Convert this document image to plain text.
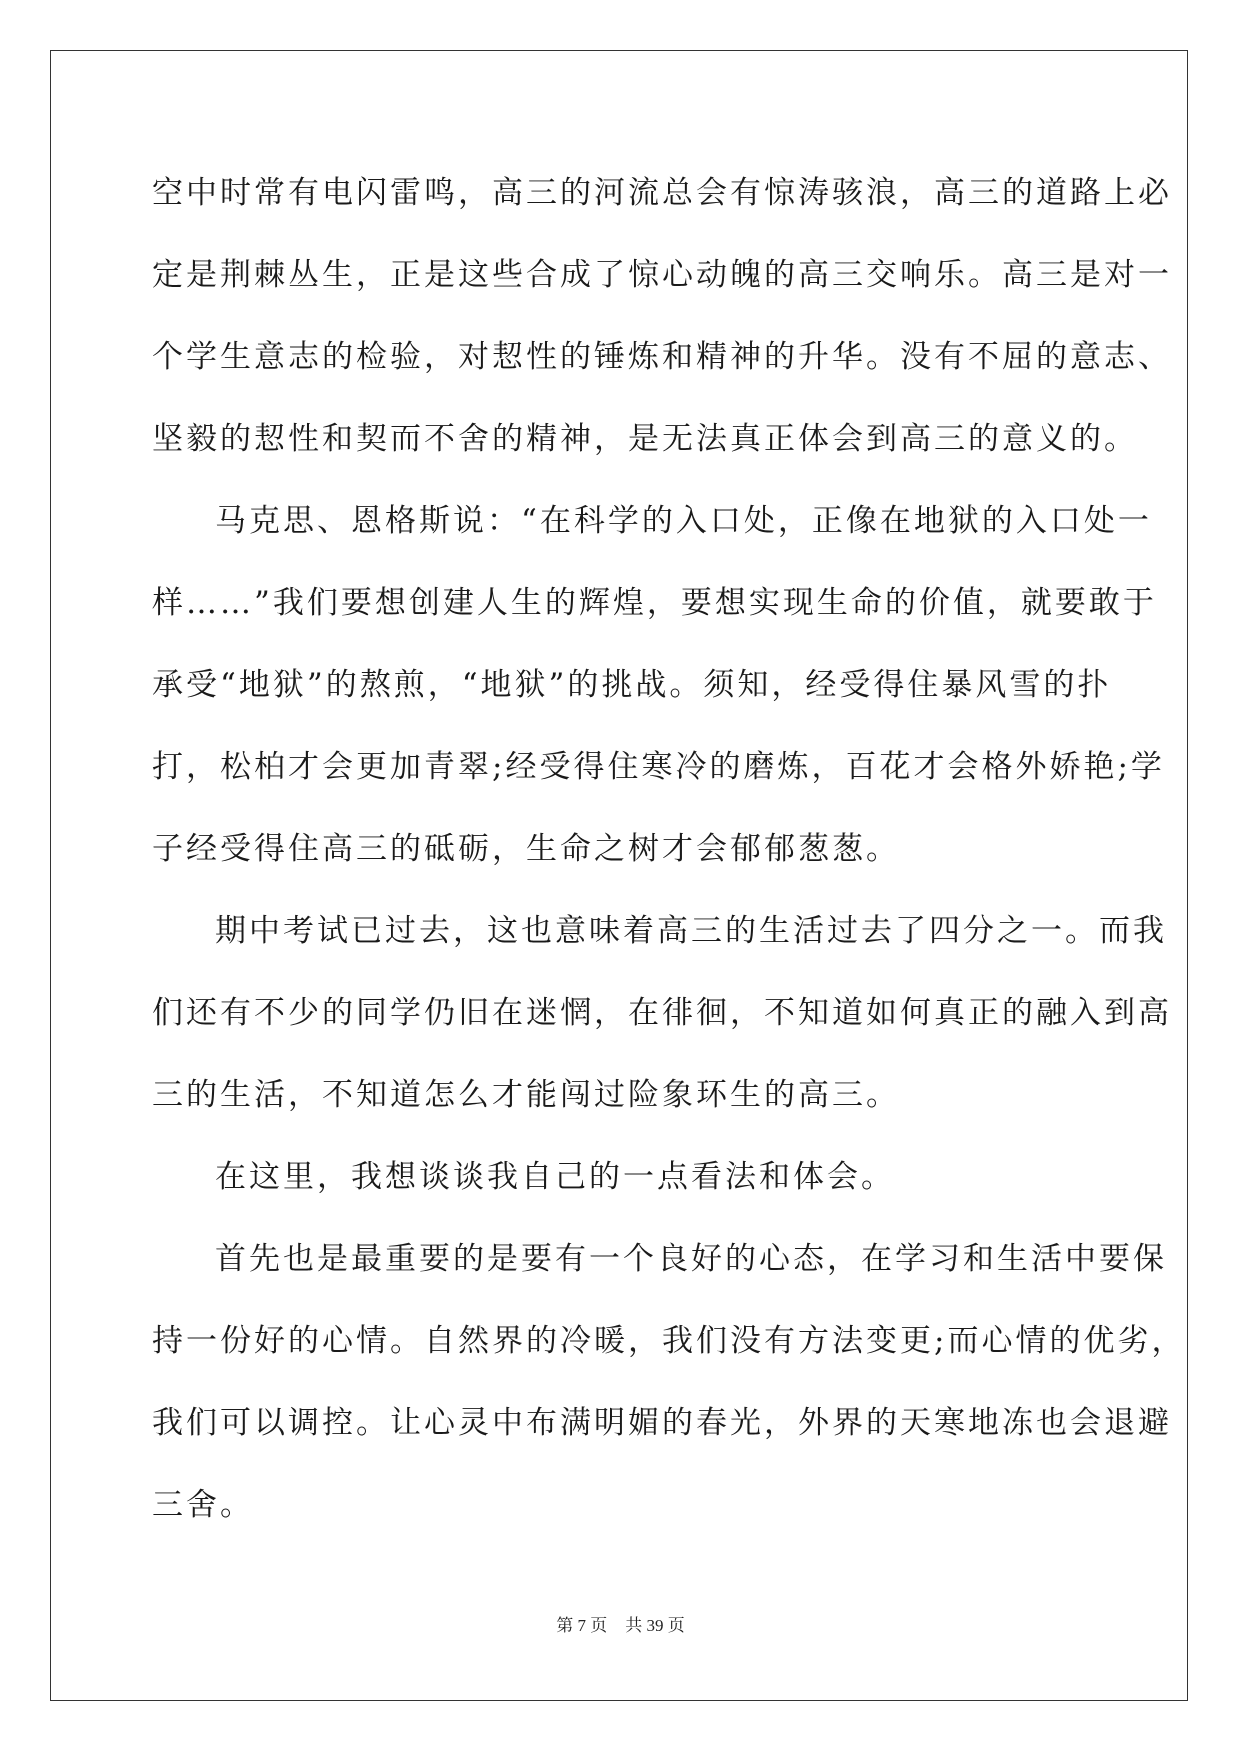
空中时常有电闪雷鸣，高三的河流总会有惊涛骇浪，高三的道路上必
定是荆棘丛生，正是这些合成了惊心动魄的高三交响乐。高三是对一
个学生意志的检验，对恝性的锤炼和精神的升华。没有不屈的意志、
坚毅的恝性和契而不舍的精神，是无法真正体会到高三的意义的。
马克思、恩格斯说：“在科学的入口处，正像在地狱的入口处一
样……”我们要想创建人生的辉煌，要想实现生命的价值，就要敢于
承受“地狱”的熬煎，“地狱”的挑战。须知，经受得住暴风雪的扑
打，松柏才会更加青翠;经受得住寒冷的磨炼，百花才会格外娇艳;学
子经受得住高三的砥砺，生命之树才会郁郁葱葱。
期中考试已过去，这也意味着高三的生活过去了四分之一。而我
们还有不少的同学仍旧在迷惘，在徘徊，不知道如何真正的融入到高
三的生活，不知道怎么才能闯过险象环生的高三。
在这里，我想谈谈我自己的一点看法和体会。
首先也是最重要的是要有一个良好的心态，在学习和生活中要保
持一份好的心情。自然界的冷暖，我们没有方法变更;而心情的优劣，
我们可以调控。让心灵中布满明媚的春光，外界的天寒地冻也会退避
三舍。
第 7 页 共 39 页
